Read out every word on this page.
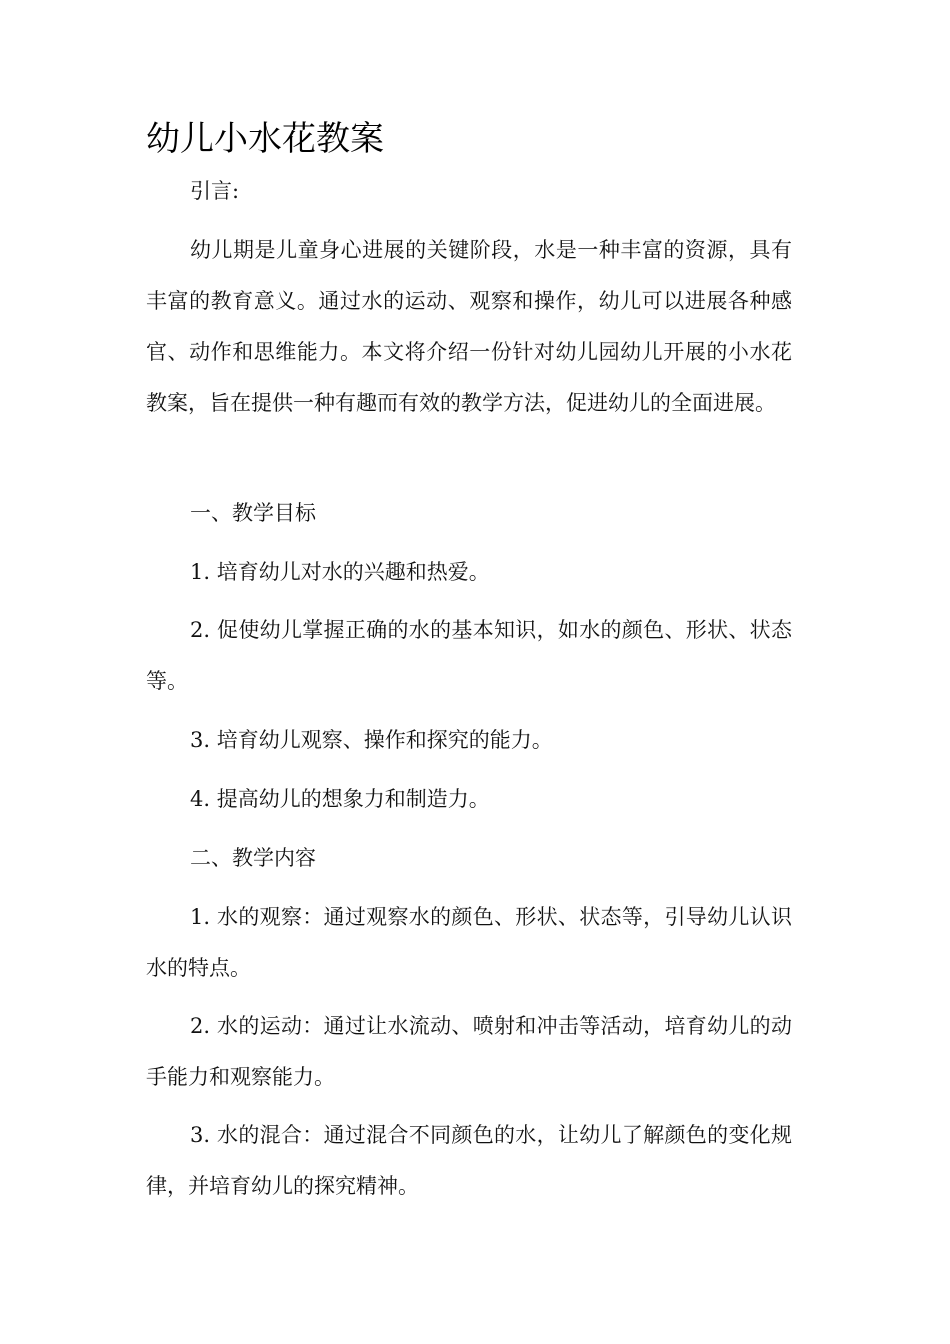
幼儿小水花教案

引言:

幼儿期是儿童身心进展的关键阶段，水是一种丰富的资源，具有丰富的教育意义。通过水的运动、观察和操作，幼儿可以进展各种感官、动作和思维能力。本文将介绍一份针对幼儿园幼儿开展的小水花教案，旨在提供一种有趣而有效的教学方法，促进幼儿的全面进展。

一、教学目标

1. 培育幼儿对水的兴趣和热爱。

2. 促使幼儿掌握正确的水的基本知识，如水的颜色、形状、状态等。

3. 培育幼儿观察、操作和探究的能力。

4. 提高幼儿的想象力和制造力。

二、教学内容

1. 水的观察：通过观察水的颜色、形状、状态等，引导幼儿认识水的特点。

2. 水的运动：通过让水流动、喷射和冲击等活动，培育幼儿的动手能力和观察能力。

3. 水的混合：通过混合不同颜色的水，让幼儿了解颜色的变化规律，并培育幼儿的探究精神。
